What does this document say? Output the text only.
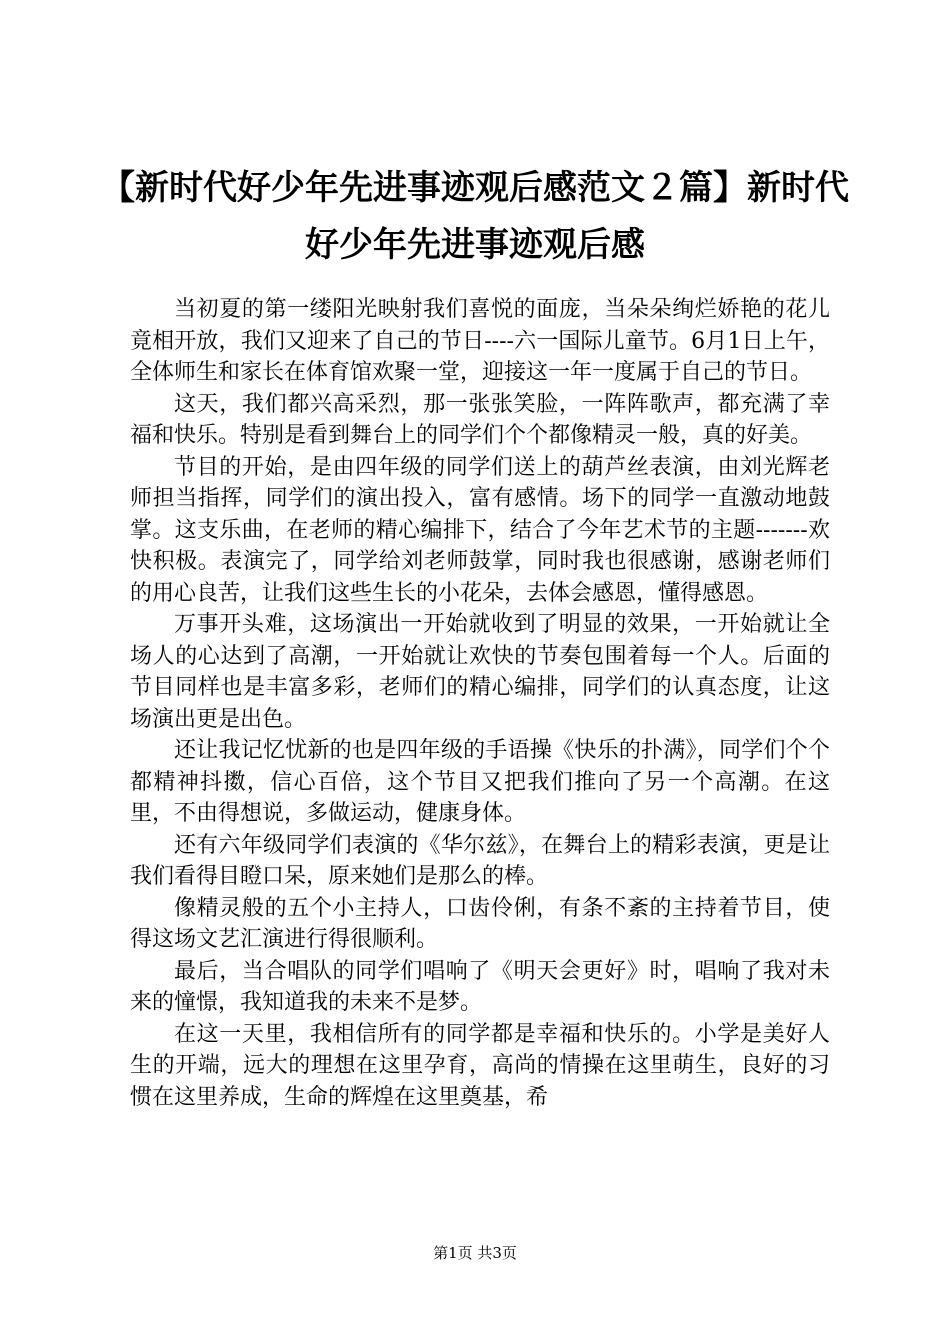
【新时代好少年先进事迹观后感范文２篇】新时代好少年先进事迹观后感

当初夏的第一缕阳光映射我们喜悦的面庞，当朵朵绚烂娇艳的花儿竟相开放，我们又迎来了自己的节日----六一国际儿童节。6月1日上午，全体师生和家长在体育馆欢聚一堂，迎接这一年一度属于自己的节日。

这天，我们都兴高采烈，那一张张笑脸，一阵阵歌声，都充满了幸福和快乐。特别是看到舞台上的同学们个个都像精灵一般，真的好美。

节目的开始，是由四年级的同学们送上的葫芦丝表演，由刘光辉老师担当指挥，同学们的演出投入，富有感情。场下的同学一直激动地鼓掌。这支乐曲，在老师的精心编排下，结合了今年艺术节的主题-------欢快积极。表演完了，同学给刘老师鼓掌，同时我也很感谢，感谢老师们的用心良苦，让我们这些生长的小花朵，去体会感恩，懂得感恩。

万事开头难，这场演出一开始就收到了明显的效果，一开始就让全场人的心达到了高潮，一开始就让欢快的节奏包围着每一个人。后面的节目同样也是丰富多彩，老师们的精心编排，同学们的认真态度，让这场演出更是出色。

还让我记忆忧新的也是四年级的手语操《快乐的扑满》，同学们个个都精神抖擞，信心百倍，这个节目又把我们推向了另一个高潮。在这里，不由得想说，多做运动，健康身体。

还有六年级同学们表演的《华尔兹》，在舞台上的精彩表演，更是让我们看得目瞪口呆，原来她们是那么的棒。

像精灵般的五个小主持人，口齿伶俐，有条不紊的主持着节目，使得这场文艺汇演进行得很顺利。

最后，当合唱队的同学们唱响了《明天会更好》时，唱响了我对未来的憧憬，我知道我的未来不是梦。

在这一天里，我相信所有的同学都是幸福和快乐的。小学是美好人生的开端，远大的理想在这里孕育，高尚的情操在这里萌生，良好的习惯在这里养成，生命的辉煌在这里奠基，希

第1页 共3页
